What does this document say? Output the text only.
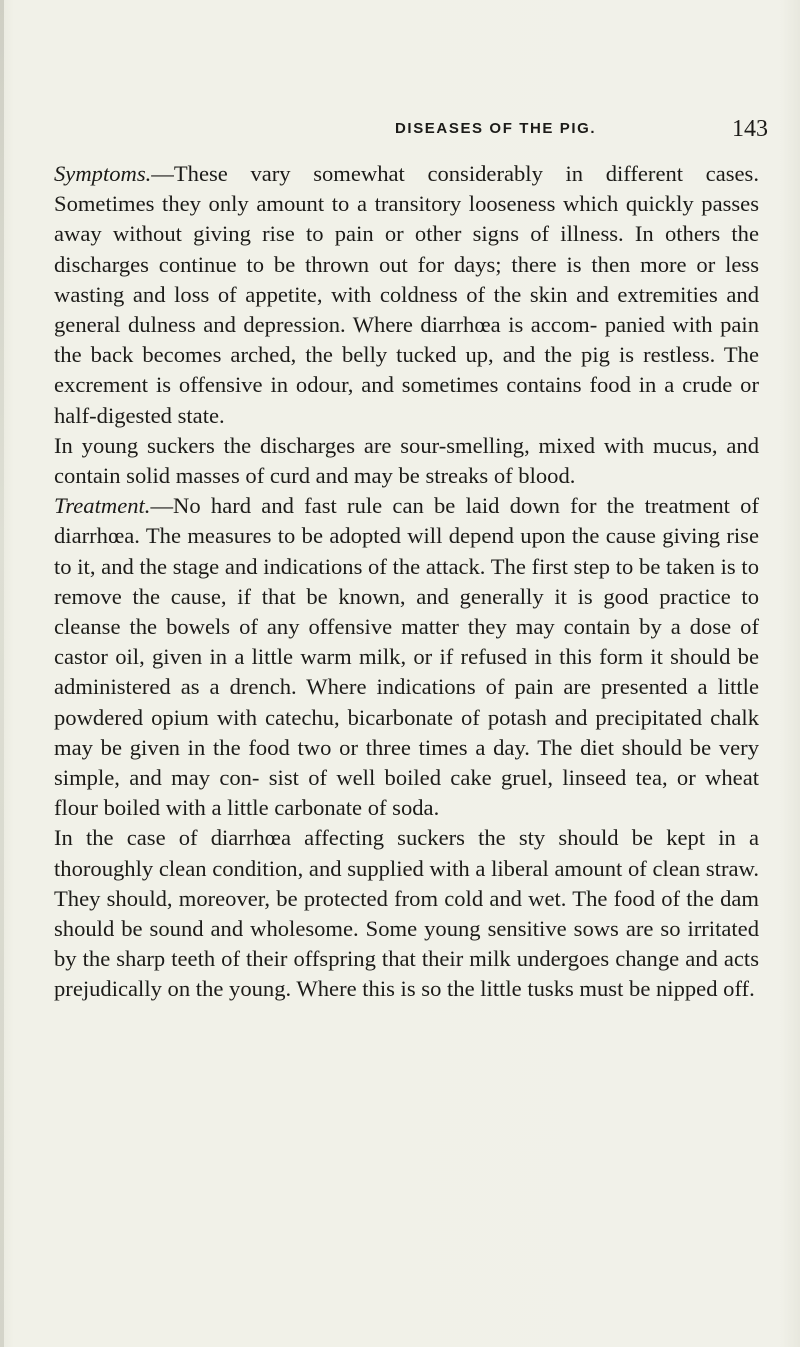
DISEASES OF THE PIG.	143

Symptoms.—These vary somewhat considerably in different cases. Sometimes they only amount to a transitory looseness which quickly passes away without giving rise to pain or other signs of illness. In others the discharges continue to be thrown out for days; there is then more or less wasting and loss of appetite, with coldness of the skin and extremities and general dulness and depression. Where diarrhœa is accom- panied with pain the back becomes arched, the belly tucked up, and the pig is restless. The excrement is offensive in odour, and sometimes contains food in a crude or half-digested state.

In young suckers the discharges are sour-smelling, mixed with mucus, and contain solid masses of curd and may be streaks of blood.

Treatment.—No hard and fast rule can be laid down for the treatment of diarrhœa. The measures to be adopted will depend upon the cause giving rise to it, and the stage and indications of the attack. The first step to be taken is to remove the cause, if that be known, and generally it is good practice to cleanse the bowels of any offensive matter they may contain by a dose of castor oil, given in a little warm milk, or if refused in this form it should be administered as a drench. Where indications of pain are presented a little powdered opium with catechu, bicarbonate of potash and precipitated chalk may be given in the food two or three times a day. The diet should be very simple, and may con- sist of well boiled cake gruel, linseed tea, or wheat flour boiled with a little carbonate of soda.

In the case of diarrhœa affecting suckers the sty should be kept in a thoroughly clean condition, and supplied with a liberal amount of clean straw. They should, moreover, be protected from cold and wet. The food of the dam should be sound and wholesome. Some young sensitive sows are so irritated by the sharp teeth of their offspring that their milk undergoes change and acts prejudically on the young. Where this is so the little tusks must be nipped off.
